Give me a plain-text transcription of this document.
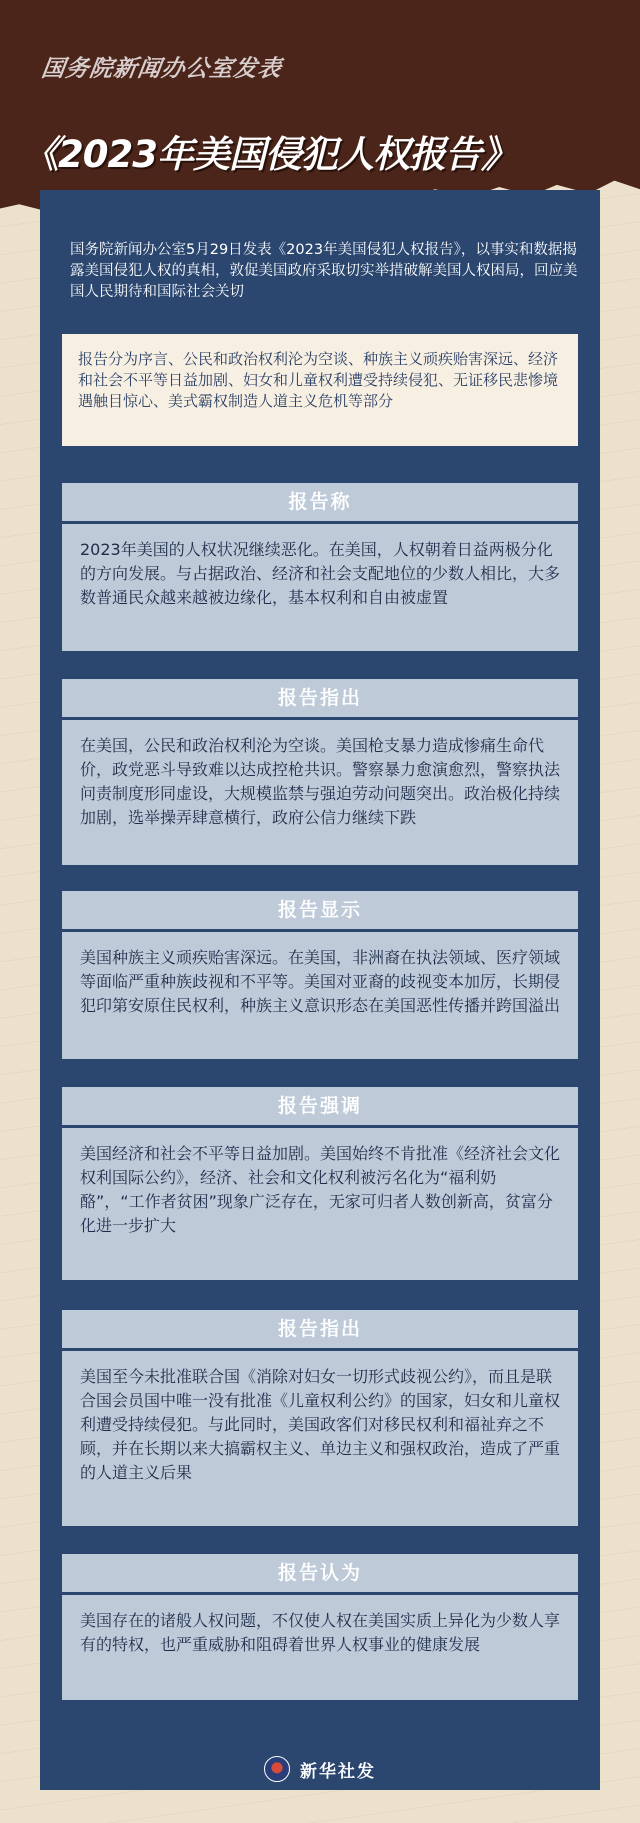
国务院新闻办公室发表
《2023年美国侵犯人权报告》
国务院新闻办公室5月29日发表《2023年美国侵犯人权报告》，以事实和数据揭露美国侵犯人权的真相，敦促美国政府采取切实举措破解美国人权困局，回应美国人民期待和国际社会关切
报告分为序言、公民和政治权利沦为空谈、种族主义顽疾贻害深远、经济和社会不平等日益加剧、妇女和儿童权利遭受持续侵犯、无证移民悲惨境遇触目惊心、美式霸权制造人道主义危机等部分
报告称
2023年美国的人权状况继续恶化。在美国，人权朝着日益两极分化的方向发展。与占据政治、经济和社会支配地位的少数人相比，大多数普通民众越来越被边缘化，基本权利和自由被虚置
报告指出
在美国，公民和政治权利沦为空谈。美国枪支暴力造成惨痛生命代价，政党恶斗导致难以达成控枪共识。警察暴力愈演愈烈，警察执法问责制度形同虚设，大规模监禁与强迫劳动问题突出。政治极化持续加剧，选举操弄肆意横行，政府公信力继续下跌
报告显示
美国种族主义顽疾贻害深远。在美国，非洲裔在执法领域、医疗领域等面临严重种族歧视和不平等。美国对亚裔的歧视变本加厉，长期侵犯印第安原住民权利，种族主义意识形态在美国恶性传播并跨国溢出
报告强调
美国经济和社会不平等日益加剧。美国始终不肯批准《经济社会文化权利国际公约》，经济、社会和文化权利被污名化为“福利奶酪”，“工作者贫困”现象广泛存在，无家可归者人数创新高，贫富分化进一步扩大
报告指出
美国至今未批准联合国《消除对妇女一切形式歧视公约》，而且是联合国会员国中唯一没有批准《儿童权利公约》的国家，妇女和儿童权利遭受持续侵犯。与此同时，美国政客们对移民权利和福祉弃之不顾，并在长期以来大搞霸权主义、单边主义和强权政治，造成了严重的人道主义后果
报告认为
美国存在的诸般人权问题，不仅使人权在美国实质上异化为少数人享有的特权，也严重威胁和阻碍着世界人权事业的健康发展
新华社发
